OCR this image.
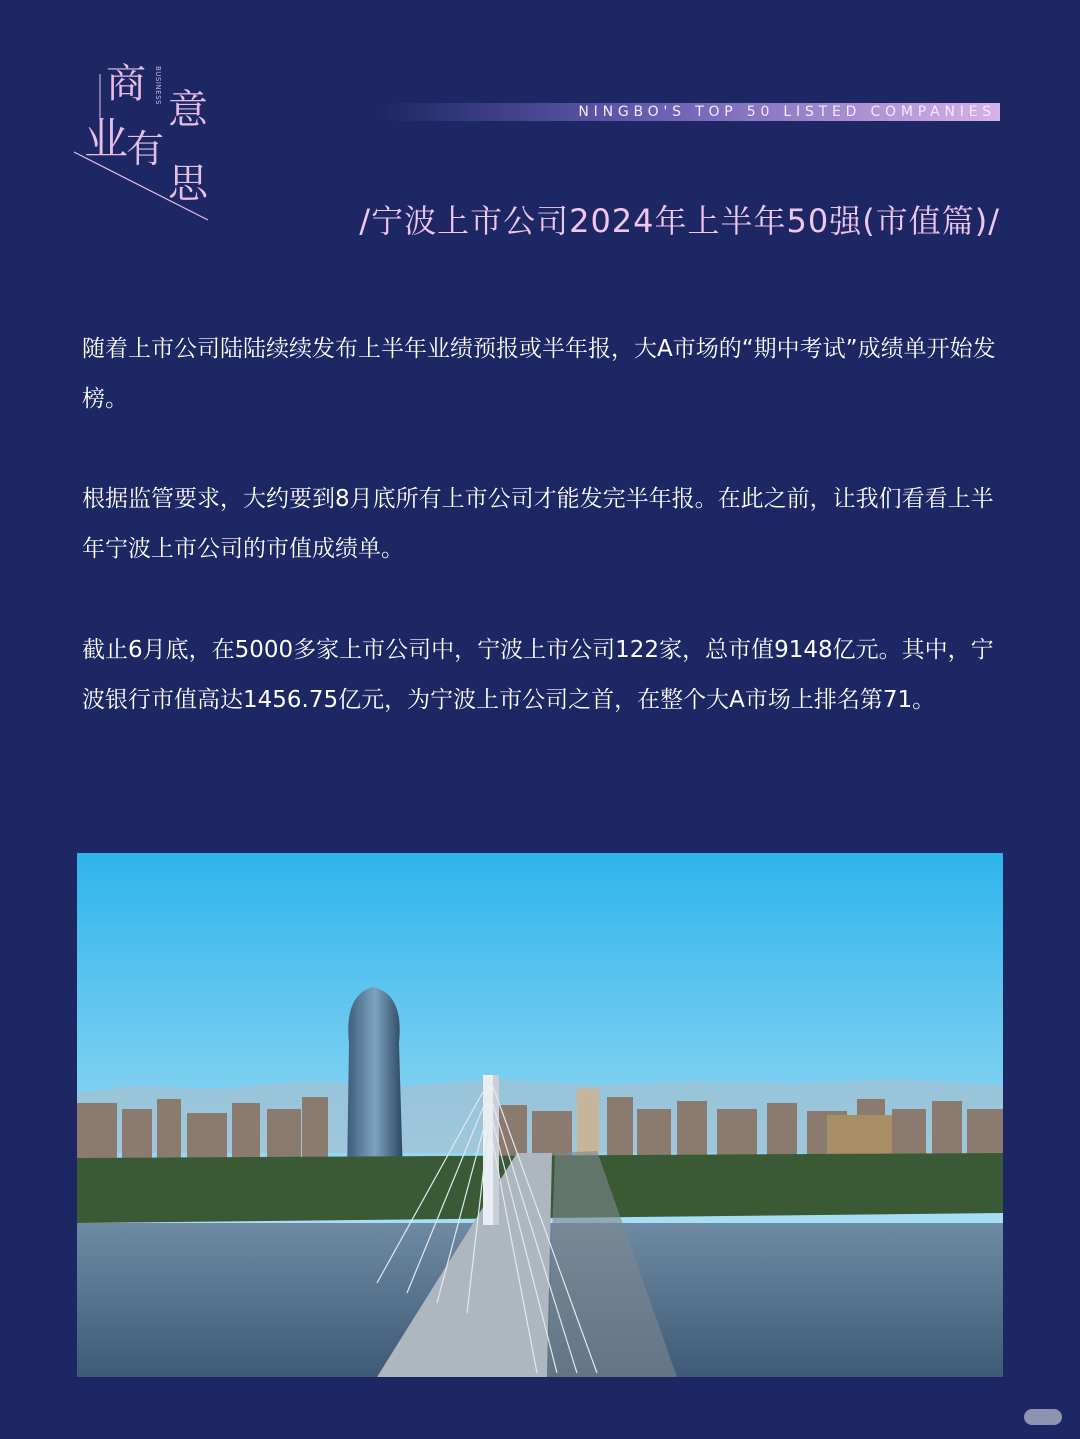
商
业
有
意
思
BUSINESS
NINGBO'S TOP 50 LISTED COMPANIES
/宁波上市公司2024年上半年50强(市值篇)/

随着上市公司陆陆续续发布上半年业绩预报或半年报，大A市场的“期中考试”成绩单开始发榜。

根据监管要求，大约要到8月底所有上市公司才能发完半年报。在此之前，让我们看看上半年宁波上市公司的市值成绩单。

截止6月底，在5000多家上市公司中，宁波上市公司122家，总市值9148亿元。其中，宁波银行市值高达1456.75亿元，为宁波上市公司之首，在整个大A市场上排名第71。
